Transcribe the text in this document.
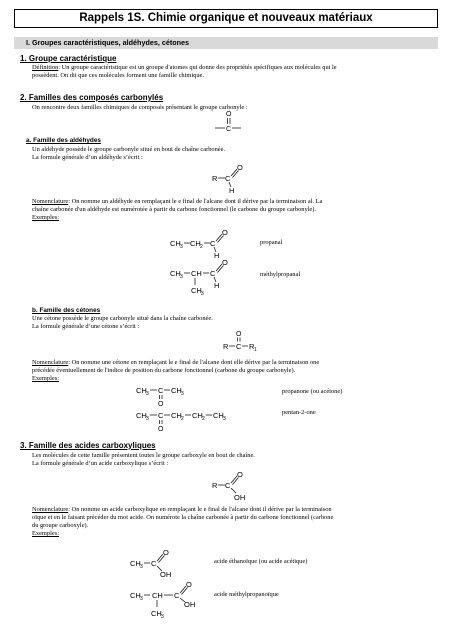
Rappels 1S. Chimie organique et nouveaux matériaux
I. Groupes caractéristiques, aldéhydes, cétones
1. Groupe caractéristique
Définition: Un groupe caractéristique est un groupe d'atomes qui donne des propriétés spécifiques aux molécules qui le
possèdent. On dit que ces molécules forment une famille chimique.
2. Familles des composés carbonylés
On rencontre deux familles chimiques de composés présentant le groupe carbonyle :
O
C
a. Famille des aldéhydes
Un aldéhyde possède le groupe carbonyle situé en bout de chaîne carbonée.
La formule générale d’un aldéhyde s’écrit :
R C
O
H
Nomenclature: On nomme un aldéhyde en remplaçant le e final de l'alcane dont il dérive par la terminaison al. La
chaîne carbonée d'un aldéhyde est numérotée à partir du carbone fonctionnel (le carbone du groupe carbonyle).
Exemples:
CH 3 CH 2 C
O
H
propanal
CH 3 CH C
O
H
CH 3
méthylpropanal
b. Famille des cétones
Une cétone possède le groupe carbonyle situé dans la chaîne carbonée.
La formule générale d’une cétone s’écrit :
O
R C R 1
Nomenclature: On nomme une cétone en remplaçant le e final de l'alcane dont elle dérive par la terminaison one
précédée éventuellement de l'indice de position du carbone fonctionnel (carbone du groupe carbonyle).
Exemples:
CH 3 C CH 3
O
propanone (ou acétone)
CH 3 C CH 2 CH 2 CH 3
O
pentan-2-one
3. Famille des acides carboxyliques
Les molécules de cette famille présentent toutes le groupe carboxyle en bout de chaîne.
La formule générale d’un acide carboxylique s’écrit :
R C
O
OH
Nomenclature: On nomme un acide carboxylique en remplaçant le e final de l'alcane dont il dérive par la terminaison
oïque et en le faisant précéder du mot acide. On numérote la chaîne carbonée à partir du carbone fonctionnel (carbone
du groupe carboxyle).
Exemples:
CH 3 C
O
OH
acide éthanoïque (ou acide acétique)
CH 3 CH C
O
OH
CH 3
acide méthylpropanoïque
